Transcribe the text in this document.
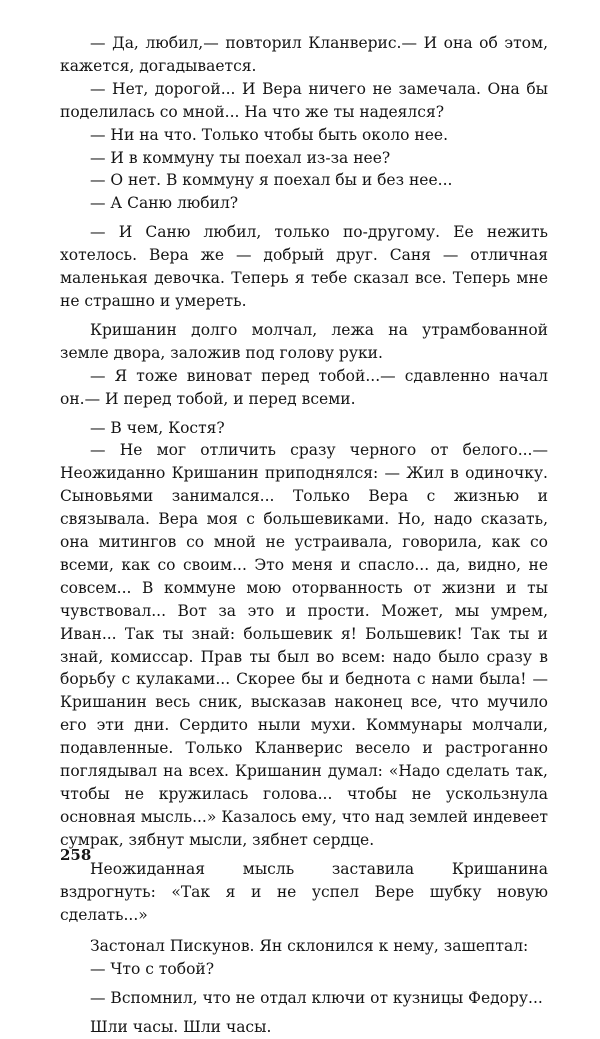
— Да, любил,— повторил Кланверис.— И она об этом, кажется, догадывается.

— Нет, дорогой... И Вера ничего не замечала. Она бы поделилась со мной... На что же ты надеялся?

— Ни на что. Только чтобы быть около нее.

— И в коммуну ты поехал из-за нее?

— О нет. В коммуну я поехал бы и без нее...

— А Саню любил?

— И Саню любил, только по-другому. Ее нежить хотелось. Вера же — добрый друг. Саня — отличная маленькая девочка. Теперь я тебе сказал все. Теперь мне не страшно и умереть.

Кришанин долго молчал, лежа на утрамбованной земле двора, заложив под голову руки.

— Я тоже виноват перед тобой...— сдавленно начал он.— И перед тобой, и перед всеми.

— В чем, Костя?

— Не мог отличить сразу черного от белого...— Неожиданно Кришанин приподнялся: — Жил в одиночку. Сыновьями занимался... Только Вера с жизнью и связывала. Вера моя с большевиками. Но, надо сказать, она митингов со мной не устраивала, говорила, как со всеми, как со своим... Это меня и спасло... да, видно, не совсем... В коммуне мою оторванность от жизни и ты чувствовал... Вот за это и прости. Может, мы умрем, Иван... Так ты знай: большевик я! Большевик! Так ты и знай, комиссар. Прав ты был во всем: надо было сразу в борьбу с кулаками... Скорее бы и беднота с нами была! — Кришанин весь сник, высказав наконец все, что мучило его эти дни. Сердито ныли мухи. Коммунары молчали, подавленные. Только Кланверис весело и растроганно поглядывал на всех. Кришанин думал: «Надо сделать так, чтобы не кружилась голова... чтобы не ускользнула основная мысль...» Казалось ему, что над землей индевеет сумрак, зябнут мысли, зябнет сердце.

Неожиданная мысль заставила Кришанина вздрогнуть: «Так я и не успел Вере шубку новую сделать...»

Застонал Пискунов. Ян склонился к нему, зашептал:

— Что с тобой?

— Вспомнил, что не отдал ключи от кузницы Федору...

Шли часы. Шли часы.

258
